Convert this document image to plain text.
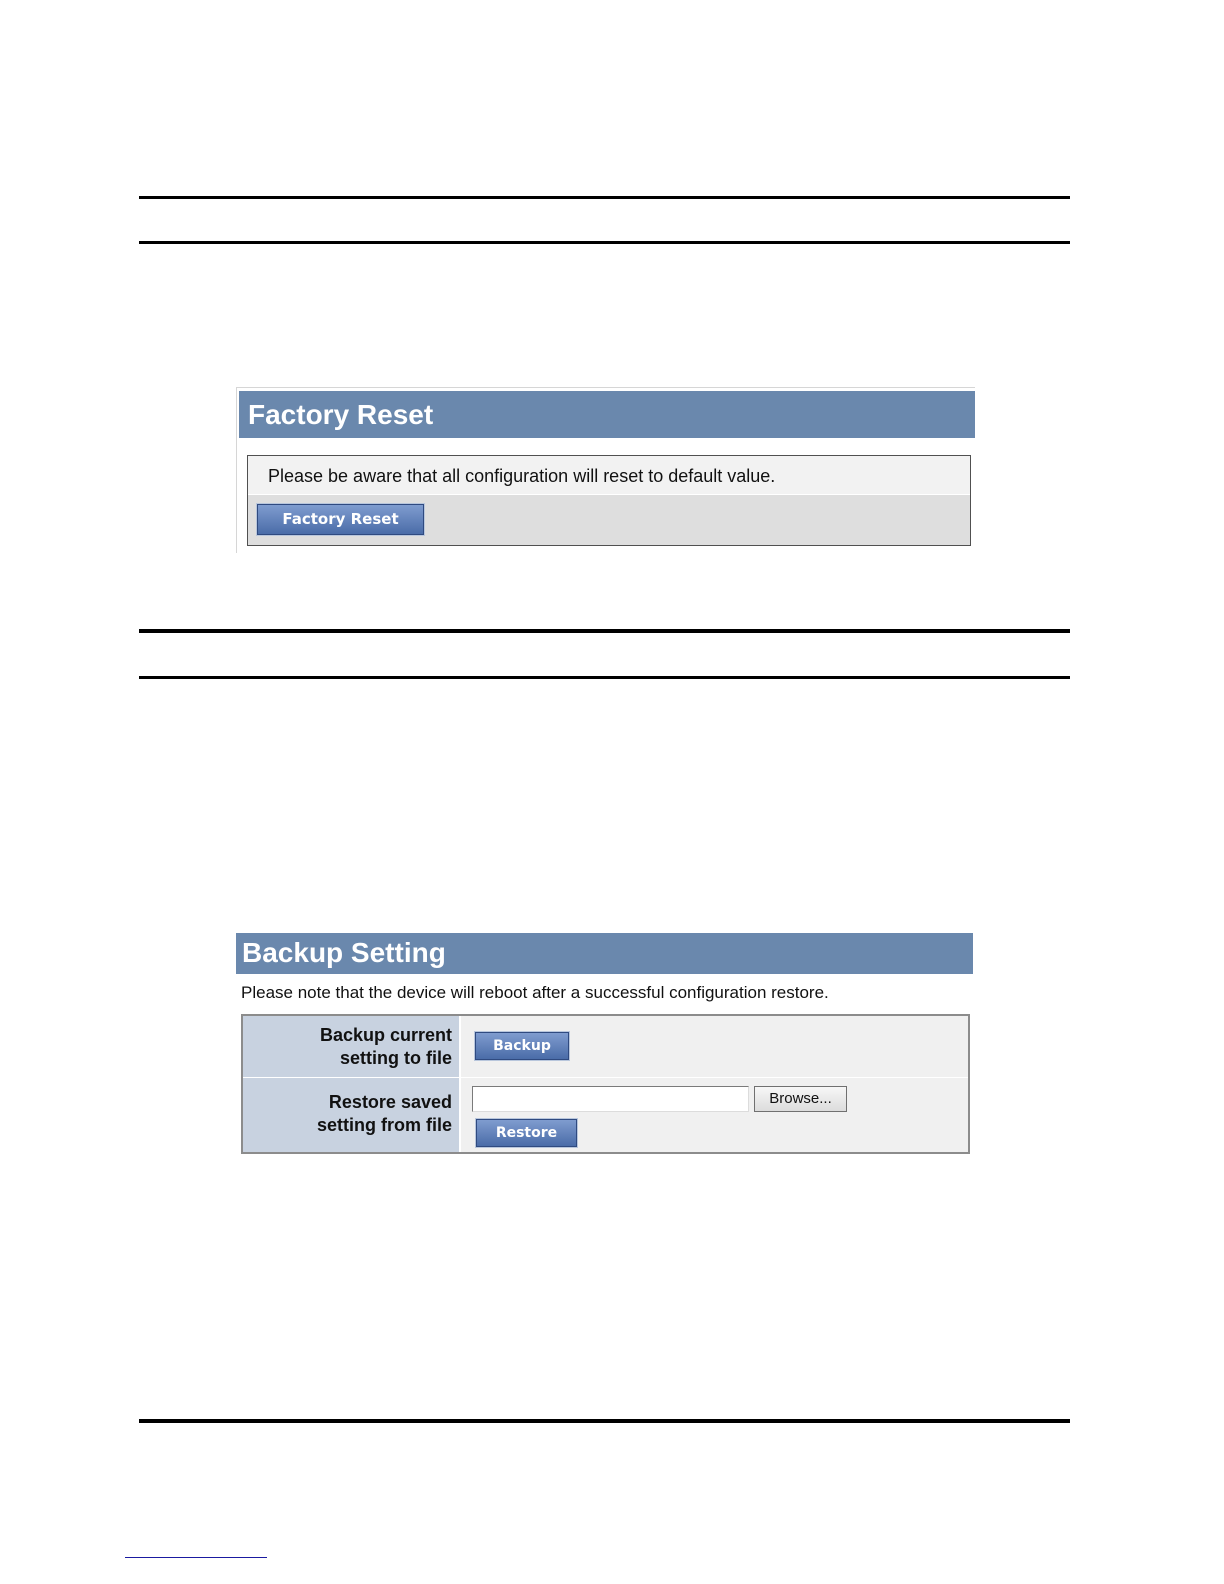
Factory Reset
Please be aware that all configuration will reset to default value.
Factory Reset
Backup Setting
Please note that the device will reboot after a successful configuration restore.
Backup current
setting to file
Backup
Restore saved
setting from file
Browse...
Restore
